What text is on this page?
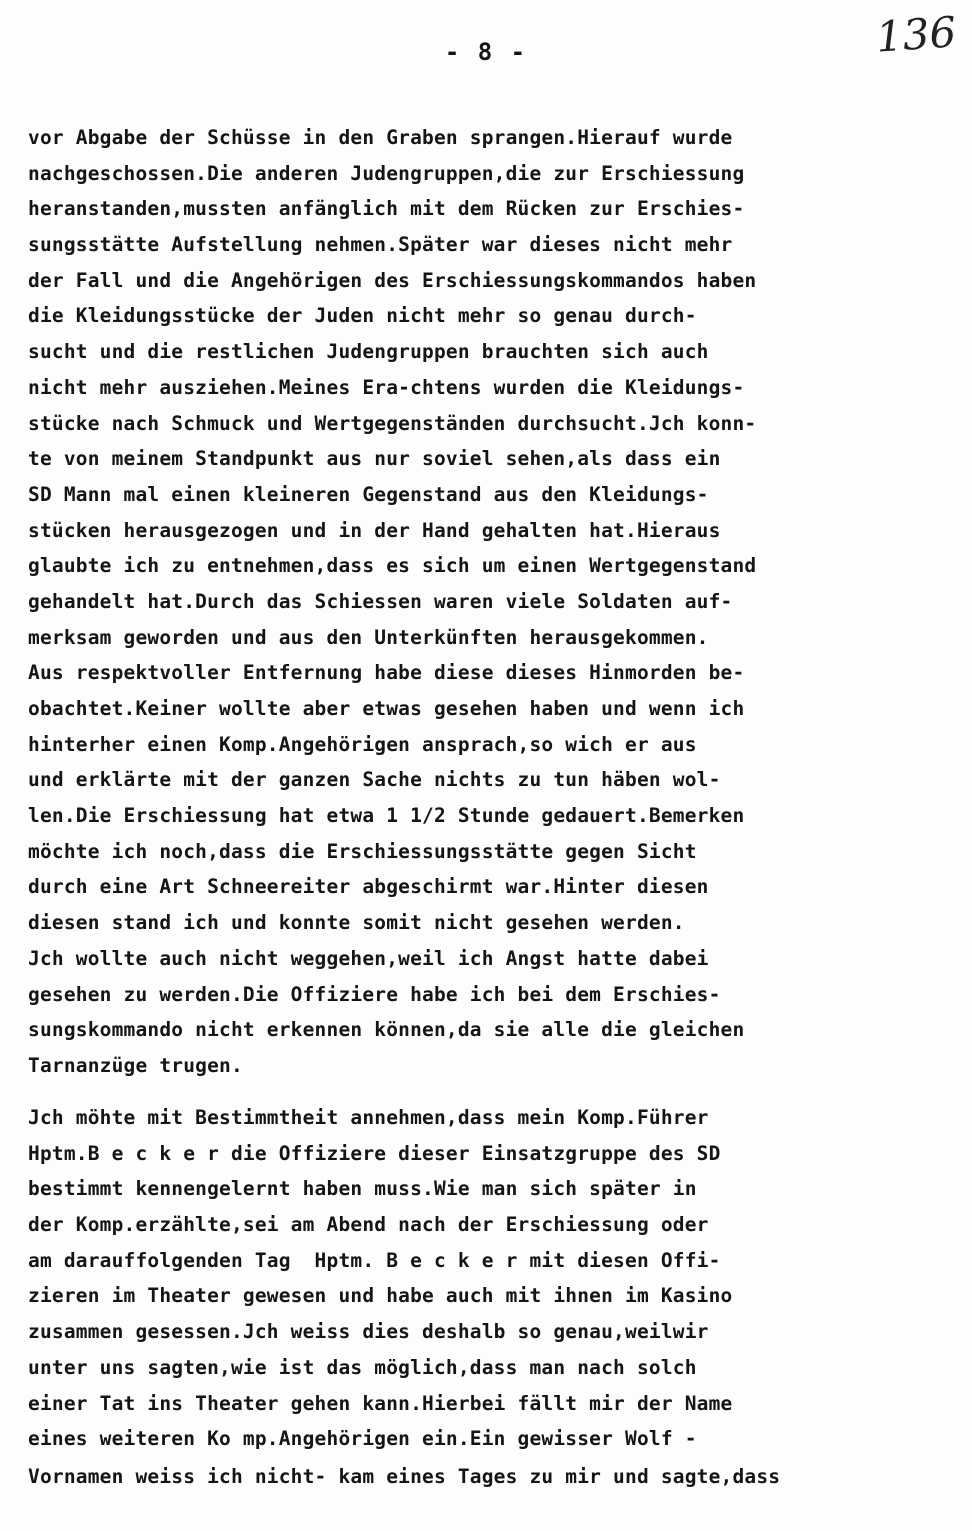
- 8 -	136
vor Abgabe der Schüsse in den Graben sprangen.Hierauf wurde
nachgeschossen.Die anderen Judengruppen,die zur Erschiessung
heranstanden,mussten anfänglich mit dem Rücken zur Erschies-
sungsstätte Aufstellung nehmen.Später war dieses nicht mehr
der Fall und die Angehörigen des Erschiessungskommandos haben
die Kleidungsstücke der Juden nicht mehr so genau durch-
sucht und die restlichen Judengruppen brauchten sich auch
nicht mehr ausziehen.Meines Era-chtens wurden die Kleidungs-
stücke nach Schmuck und Wertgegenständen durchsucht.Jch konn-
te von meinem Standpunkt aus nur soviel sehen,als dass ein
SD Mann mal einen kleineren Gegenstand aus den Kleidungs-
stücken herausgezogen und in der Hand gehalten hat.Hieraus
glaubte ich zu entnehmen,dass es sich um einen Wertgegenstand
gehandelt hat.Durch das Schiessen waren viele Soldaten auf-
merksam geworden und aus den Unterkünften herausgekommen.
Aus respektvoller Entfernung habe diese dieses Hinmorden be-
obachtet.Keiner wollte aber etwas gesehen haben und wenn ich
hinterher einen Komp.Angehörigen ansprach,so wich er aus
und erklärte mit der ganzen Sache nichts zu tun häben wol-
len.Die Erschiessung hat etwa 1 1/2 Stunde gedauert.Bemerken
möchte ich noch,dass die Erschiessungsstätte gegen Sicht
durch eine Art Schneereiter abgeschirmt war.Hinter diesen
diesen stand ich und konnte somit nicht gesehen werden.
Jch wollte auch nicht weggehen,weil ich Angst hatte dabei
gesehen zu werden.Die Offiziere habe ich bei dem Erschies-
sungskommando nicht erkennen können,da sie alle die gleichen
Tarnanzüge trugen.
Jch möhte mit Bestimmtheit annehmen,dass mein Komp.Führer
Hptm.B e c k e r die Offiziere dieser Einsatzgruppe des SD
bestimmt kennengelernt haben muss.Wie man sich später in
der Komp.erzählte,sei am Abend nach der Erschiessung oder
am darauffolgenden Tag  Hptm. B e c k e r mit diesen Offi-
zieren im Theater gewesen und habe auch mit ihnen im Kasino
zusammen gesessen.Jch weiss dies deshalb so genau,weilwir
unter uns sagten,wie ist das möglich,dass man nach solch
einer Tat ins Theater gehen kann.Hierbei fällt mir der Name
eines weiteren Ko mp.Angehörigen ein.Ein gewisser Wolf -
Vornamen weiss ich nicht- kam eines Tages zu mir und sagte,dass
